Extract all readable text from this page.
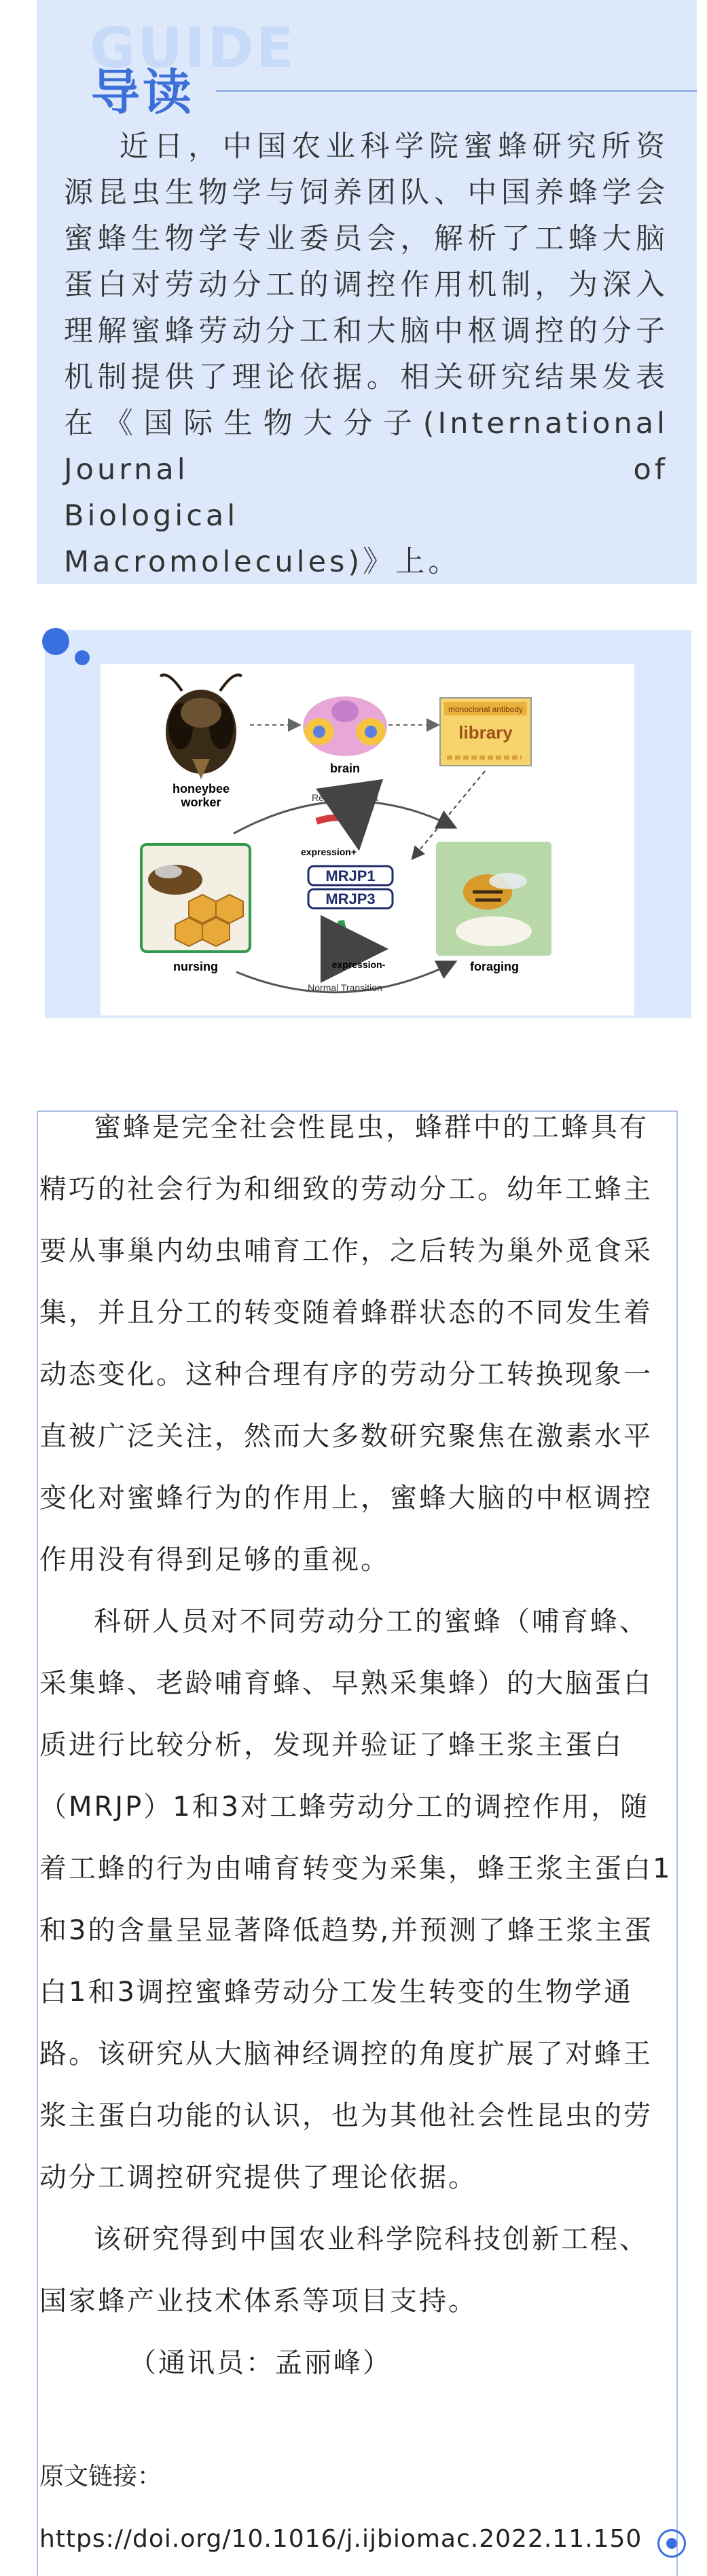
GUIDE
导读
近日，中国农业科学院蜜蜂研究所资
源昆虫生物学与饲养团队、中国养蜂学会
蜜蜂生物学专业委员会，解析了工蜂大脑
蛋白对劳动分工的调控作用机制，为深入
理解蜜蜂劳动分工和大脑中枢调控的分子
机制提供了理论依据。相关研究结果发表
在《国际生物大分子(International
Journal of Biological
Macromolecules)》上。
honeybee
worker
brain
monoclonal antibody
library
Reversible Shift
expression+
MRJP1
MRJP3
expression-
Normal Transition
nursing	foraging

蜜蜂是完全社会性昆虫，蜂群中的工蜂具有精巧的社会行为和细致的劳动分工。幼年工蜂主要从事巢内幼虫哺育工作，之后转为巢外觅食采集，并且分工的转变随着蜂群状态的不同发生着动态变化。这种合理有序的劳动分工转换现象一直被广泛关注，然而大多数研究聚焦在激素水平变化对蜜蜂行为的作用上，蜜蜂大脑的中枢调控作用没有得到足够的重视。

科研人员对不同劳动分工的蜜蜂（哺育蜂、采集蜂、老龄哺育蜂、早熟采集蜂）的大脑蛋白质进行比较分析，发现并验证了蜂王浆主蛋白（MRJP）1和3对工蜂劳动分工的调控作用，随着工蜂的行为由哺育转变为采集，蜂王浆主蛋白1和3的含量呈显著降低趋势,并预测了蜂王浆主蛋白1和3调控蜜蜂劳动分工发生转变的生物学通路。该研究从大脑神经调控的角度扩展了对蜂王浆主蛋白功能的认识，也为其他社会性昆虫的劳动分工调控研究提供了理论依据。

该研究得到中国农业科学院科技创新工程、国家蜂产业技术体系等项目支持。

（通讯员：孟丽峰）

原文链接：
https://doi.org/10.1016/j.ijbiomac.2022.11.150
